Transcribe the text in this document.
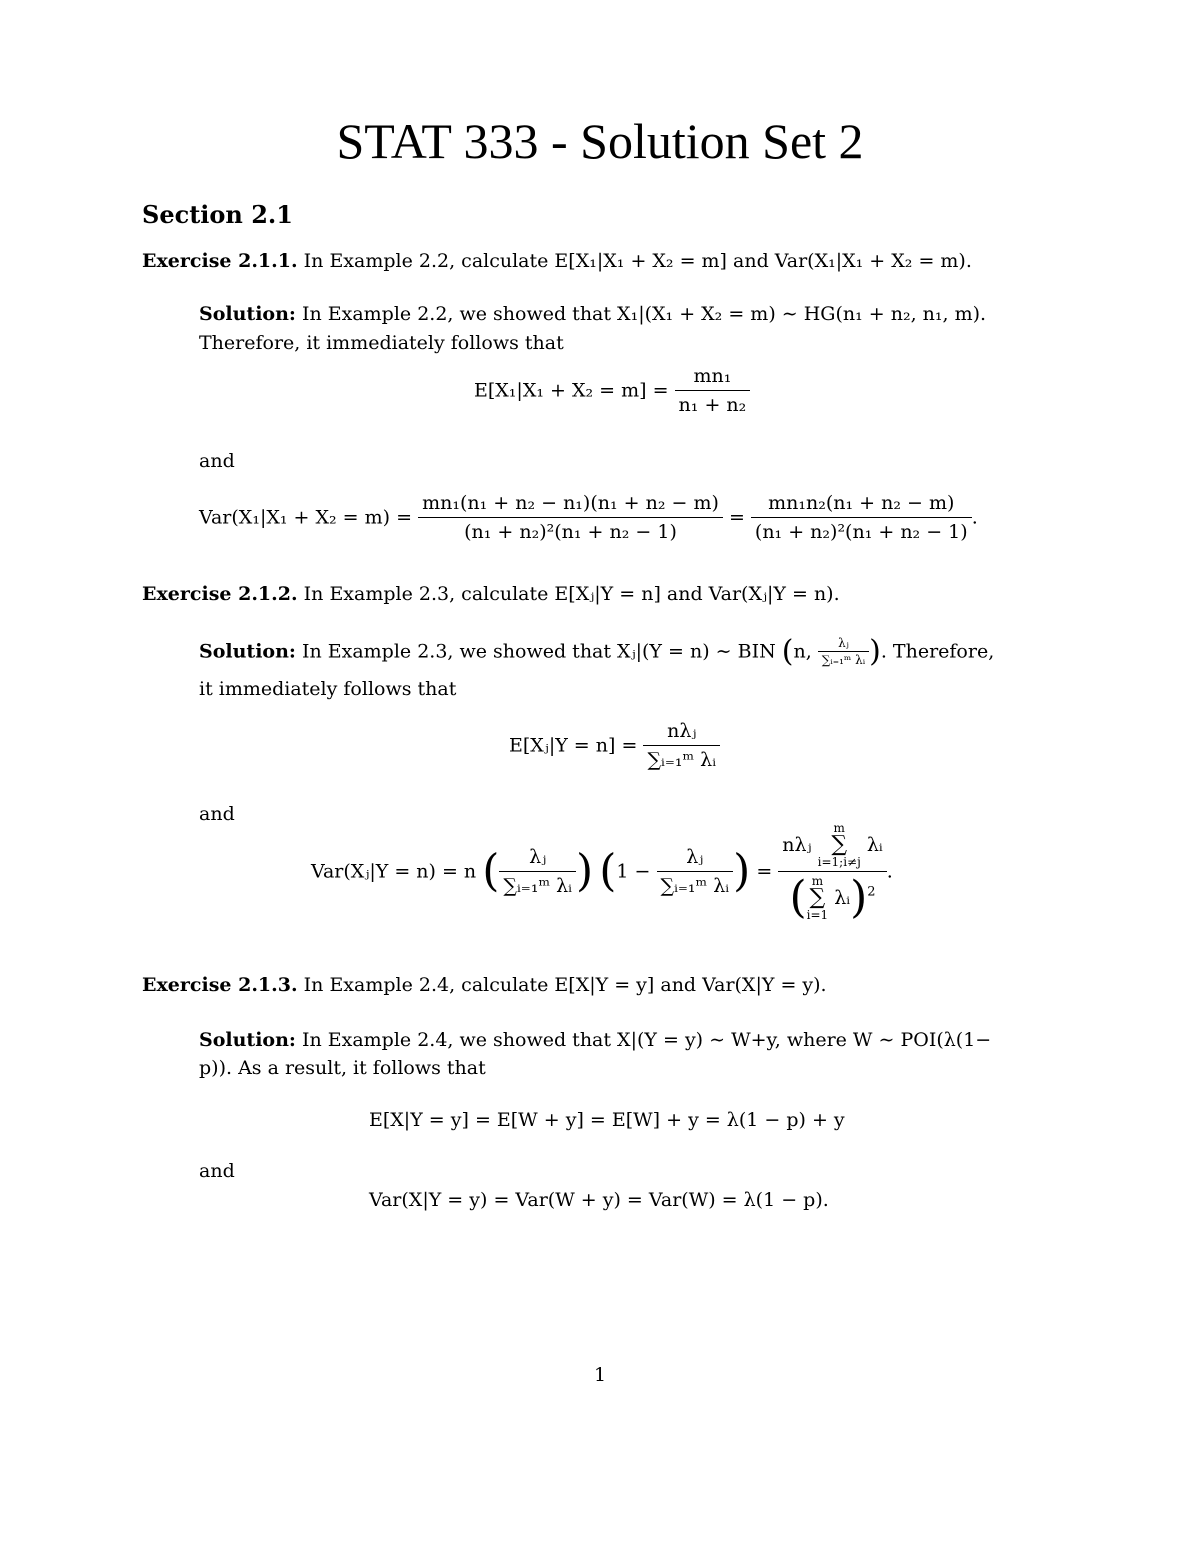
STAT 333 - Solution Set 2
Section 2.1
Exercise 2.1.1. In Example 2.2, calculate E[X₁|X₁ + X₂ = m] and Var(X₁|X₁ + X₂ = m).
Solution: In Example 2.2, we showed that X₁|(X₁ + X₂ = m) ∼ HG(n₁ + n₂, n₁, m).
Therefore, it immediately follows that
$E[X_1|X_1 + X_2 = m] = \frac{\text{mn₁}}{\text{n₁ + n₂}}$
and
$Var(X_1|X_1 + X_2 = m) = \frac{\text{mn₁(n₁ + n₂ − n₁)(n₁ + n₂ − m)}}{\text{(n₁ + n₂)²(n₁ + n₂ − 1)}} = \frac{\text{mn₁n₂(n₁ + n₂ − m)}}{\text{(n₁ + n₂)²(n₁ + n₂ − 1)}}$ .
Exercise 2.1.2. In Example 2.3, calculate E[Xⱼ|Y = n] and Var(Xⱼ|Y = n).
Solution: In Example 2.3, we showed that Xⱼ|(Y = n) ∼ BIN (n, $\frac{\text{λⱼ}}{\text{∑ᵢ₌₁ᵐ λᵢ}}$ ). Therefore,
it immediately follows that
E[Xⱼ|Y = $n] = \frac{\text{nλⱼ}}{\text{∑ᵢ₌₁ᵐ λᵢ}}$
and
Var(Xⱼ|Y = n) = n ( $\frac{\text{λⱼ}}{\text{∑ᵢ₌₁ᵐ λᵢ}}$ ) ($1 - \frac{\text{λⱼ}}{\text{∑ᵢ₌₁ᵐ λᵢ}}$ ) =
nλⱼ
m
∑
i=1;i≠j
λᵢ
( m
∑
i=1
λᵢ)$^2$
.
Exercise 2.1.3. In Example 2.4, calculate E[X|Y = y] and Var(X|Y = y).
Solution: In Example 2.4, we showed that X|(Y = y) ∼ W+y, where W ∼ POI(λ(1−
p)). As a result, it follows that
E[X|Y = y] = E[W + y] = E[W] + y = λ(1 − p) + y
and
Var(X|Y = y) = Var(W + y) = Var(W) = λ(1 − p).
1
